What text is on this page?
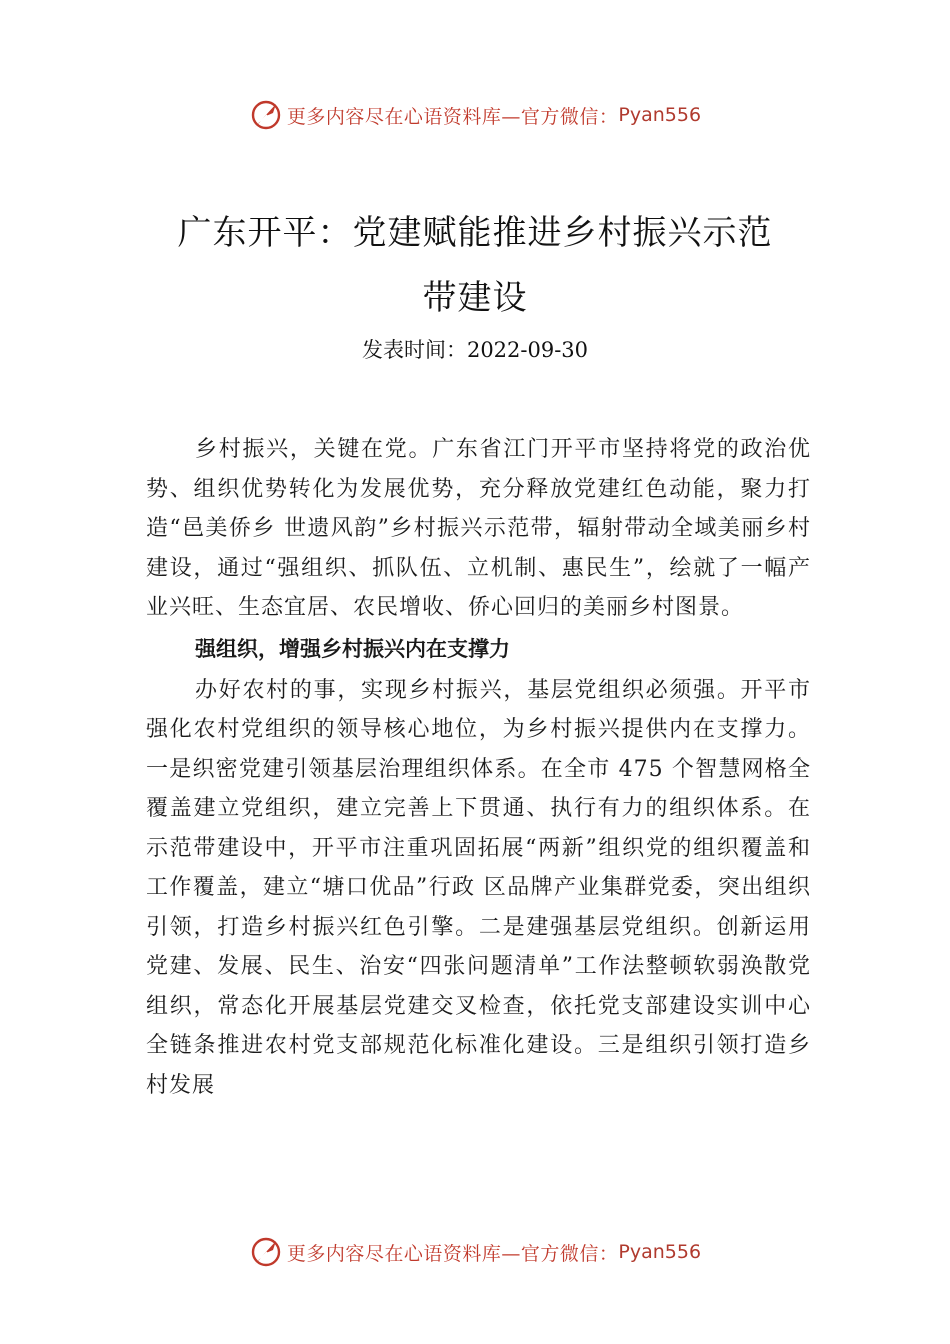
更多内容尽在心语资料库—官方微信： Pyan556
广东开平：党建赋能推进乡村振兴示范
带建设
发表时间：2022-09-30

乡村振兴，关键在党。广东省江门开平市坚持将党的政治优势、组织优势转化为发展优势，充分释放党建红色动能，聚力打造“邑美侨乡 世遗风韵”乡村振兴示范带，辐射带动全域美丽乡村建设，通过“强组织、抓队伍、立机制、惠民生”，绘就了一幅产业兴旺、生态宜居、农民增收、侨心回归的美丽乡村图景。

强组织，增强乡村振兴内在支撑力

办好农村的事，实现乡村振兴，基层党组织必须强。开平市强化农村党组织的领导核心地位，为乡村振兴提供内在支撑力。一是织密党建引领基层治理组织体系。在全市 475 个智慧网格全覆盖建立党组织，建立完善上下贯通、执行有力的组织体系。在示范带建设中，开平市注重巩固拓展“两新”组织党的组织覆盖和工作覆盖，建立“塘口优品”行政 区品牌产业集群党委，突出组织引领，打造乡村振兴红色引擎。二是建强基层党组织。创新运用党建、发展、民生、治安“四张问题清单”工作法整顿软弱涣散党组织，常态化开展基层党建交叉检查，依托党支部建设实训中心全链条推进农村党支部规范化标准化建设。三是组织引领打造乡村发展

更多内容尽在心语资料库—官方微信： Pyan556
